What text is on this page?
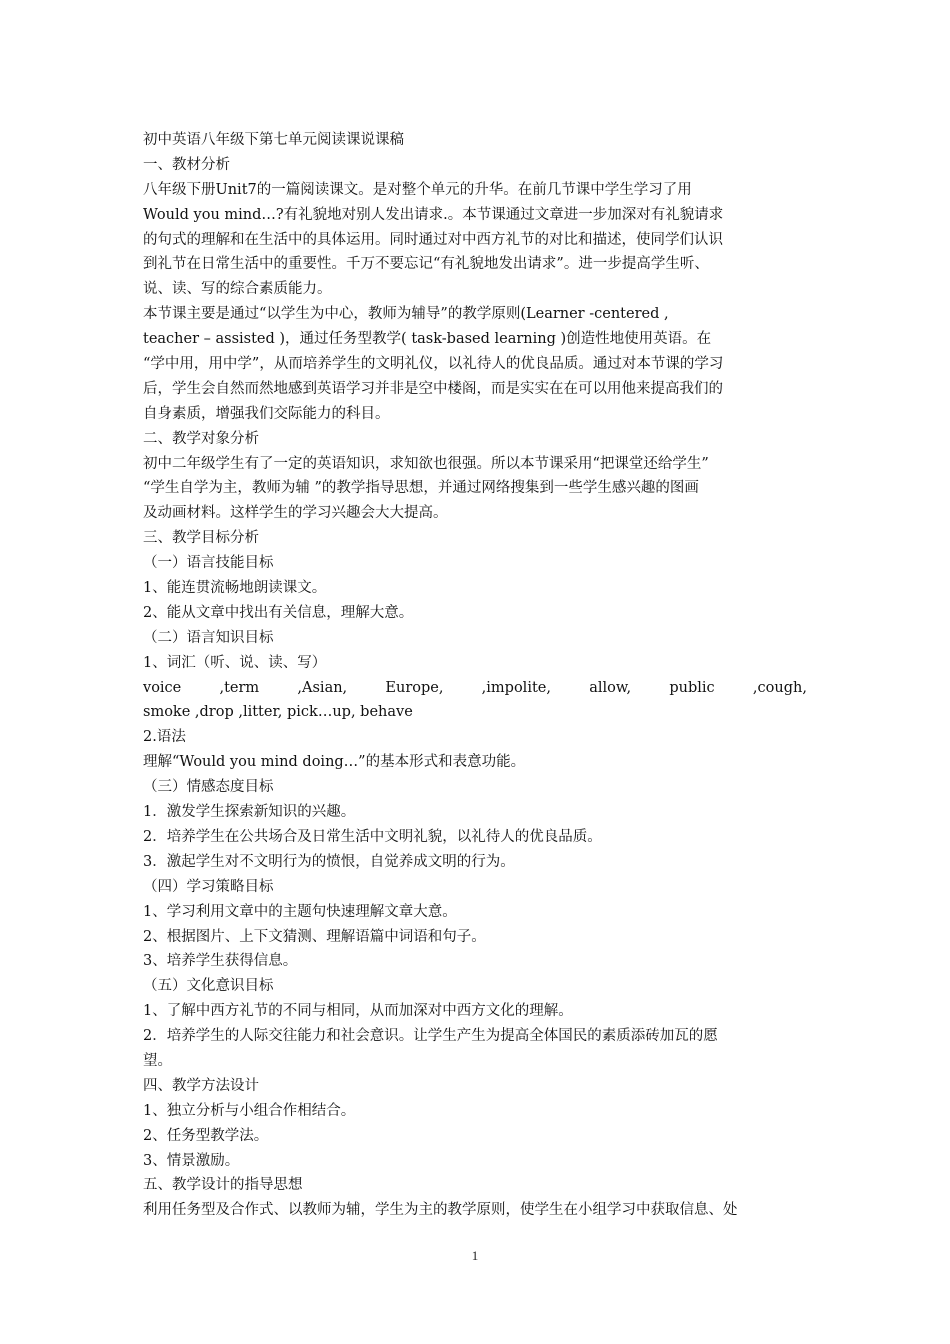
初中英语八年级下第七单元阅读课说课稿
一、教材分析
八年级下册Unit7的一篇阅读课文。是对整个单元的升华。在前几节课中学生学习了用
Would you mind…?有礼貌地对别人发出请求.。本节课通过文章进一步加深对有礼貌请求
的句式的理解和在生活中的具体运用。同时通过对中西方礼节的对比和描述，使同学们认识
到礼节在日常生活中的重要性。千万不要忘记“有礼貌地发出请求”。进一步提高学生听、
说、读、写的综合素质能力。
本节课主要是通过“以学生为中心，教师为辅导”的教学原则(Learner -centered ,
teacher – assisted )，通过任务型教学( task-based learning )创造性地使用英语。在
“学中用，用中学”，从而培养学生的文明礼仪，以礼待人的优良品质。通过对本节课的学习
后，学生会自然而然地感到英语学习并非是空中楼阁，而是实实在在可以用他来提高我们的
自身素质，增强我们交际能力的科目。
二、教学对象分析
初中二年级学生有了一定的英语知识，求知欲也很强。所以本节课采用“把课堂还给学生”
“学生自学为主，教师为辅 ”的教学指导思想，并通过网络搜集到一些学生感兴趣的图画
及动画材料。这样学生的学习兴趣会大大提高。
三、教学目标分析
（一）语言技能目标
1、能连贯流畅地朗读课文。
2、能从文章中找出有关信息，理解大意。
（二）语言知识目标
1、词汇（听、说、读、写）
voice	,term	,Asian,	Europe,	,impolite,	allow,	public	,cough,
smoke ,drop ,litter, pick…up, behave
2.语法
理解“Would you mind doing…”的基本形式和表意功能。
（三）情感态度目标
1．激发学生探索新知识的兴趣。
2．培养学生在公共场合及日常生活中文明礼貌，以礼待人的优良品质。
3．激起学生对不文明行为的愤恨，自觉养成文明的行为。
（四）学习策略目标
1、学习利用文章中的主题句快速理解文章大意。
2、根据图片、上下文猜测、理解语篇中词语和句子。
3、培养学生获得信息。
（五）文化意识目标
1、了解中西方礼节的不同与相同，从而加深对中西方文化的理解。
2．培养学生的人际交往能力和社会意识。让学生产生为提高全体国民的素质添砖加瓦的愿
望。
四、教学方法设计
1、独立分析与小组合作相结合。
2、任务型教学法。
3、情景激励。
五、教学设计的指导思想
利用任务型及合作式、以教师为辅，学生为主的教学原则，使学生在小组学习中获取信息、处
1
